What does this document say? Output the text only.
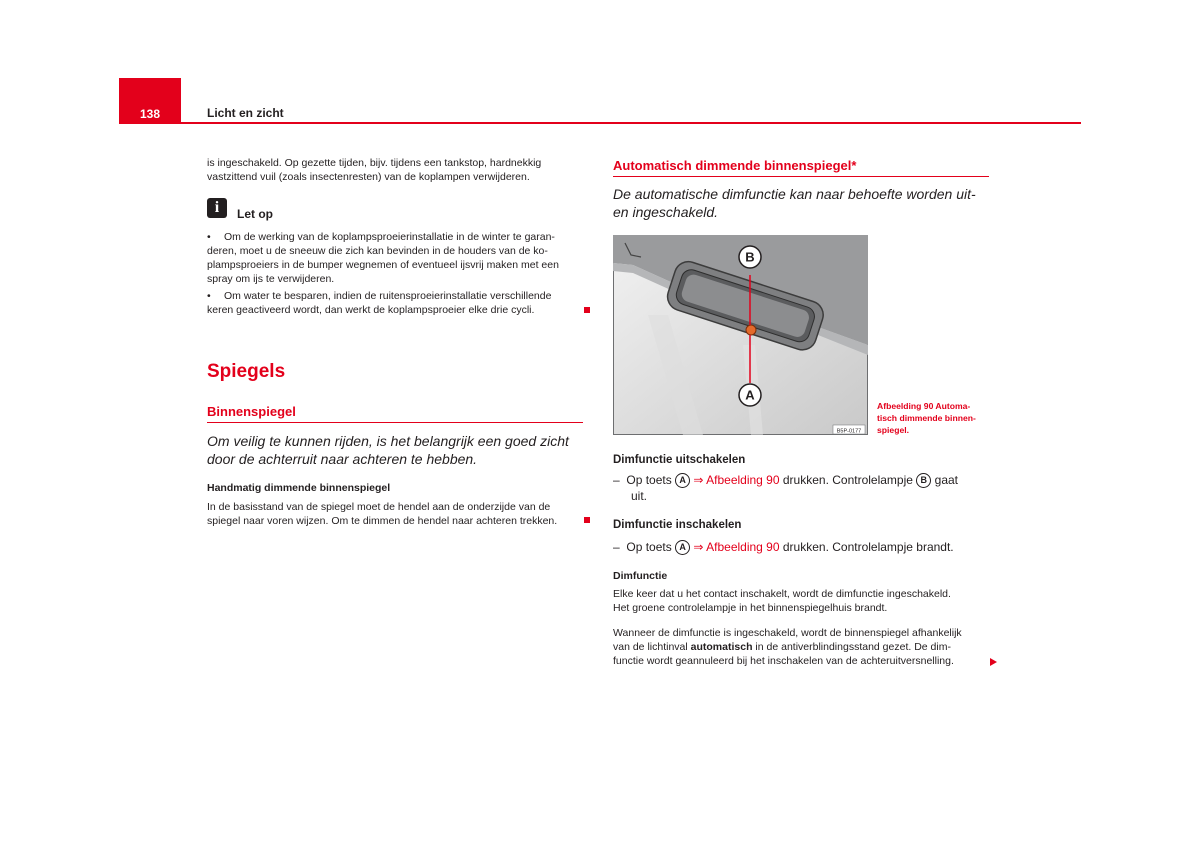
138	Licht en zicht
is ingeschakeld. Op gezette tijden, bijv. tijdens een tankstop, hardnekkig
vastzittend vuil (zoals insectenresten) van de koplampen verwijderen.
i	Let op
• Om de werking van de koplampsproeierinstallatie in de winter te garan-
deren, moet u de sneeuw die zich kan bevinden in de houders van de ko-
plampsproeiers in de bumper wegnemen of eventueel ijsvrij maken met een
spray om ijs te verwijderen.
• Om water te besparen, indien de ruitensproeierinstallatie verschillende
keren geactiveerd wordt, dan werkt de koplampsproeier elke drie cycli.
Spiegels
Binnenspiegel
Om veilig te kunnen rijden, is het belangrijk een goed zicht
door de achterruit naar achteren te hebben.
Handmatig dimmende binnenspiegel
In de basisstand van de spiegel moet de hendel aan de onderzijde van de
spiegel naar voren wijzen. Om te dimmen de hendel naar achteren trekken.
Automatisch dimmende binnenspiegel*
De automatische dimfunctie kan naar behoefte worden uit-
en ingeschakeld.
B
A
B5P-0177
Afbeelding 90 Automa-
tisch dimmende binnen-
spiegel.
Dimfunctie uitschakelen
– Op toets A ⇒ Afbeelding 90 drukken. Controlelampje B gaat
uit.
Dimfunctie inschakelen
– Op toets A ⇒ Afbeelding 90 drukken. Controlelampje brandt.
Dimfunctie
Elke keer dat u het contact inschakelt, wordt de dimfunctie ingeschakeld.
Het groene controlelampje in het binnenspiegelhuis brandt.
Wanneer de dimfunctie is ingeschakeld, wordt de binnenspiegel afhankelijk
van de lichtinval automatisch in de antiverblindingsstand gezet. De dim-
functie wordt geannuleerd bij het inschakelen van de achteruitversnelling.
